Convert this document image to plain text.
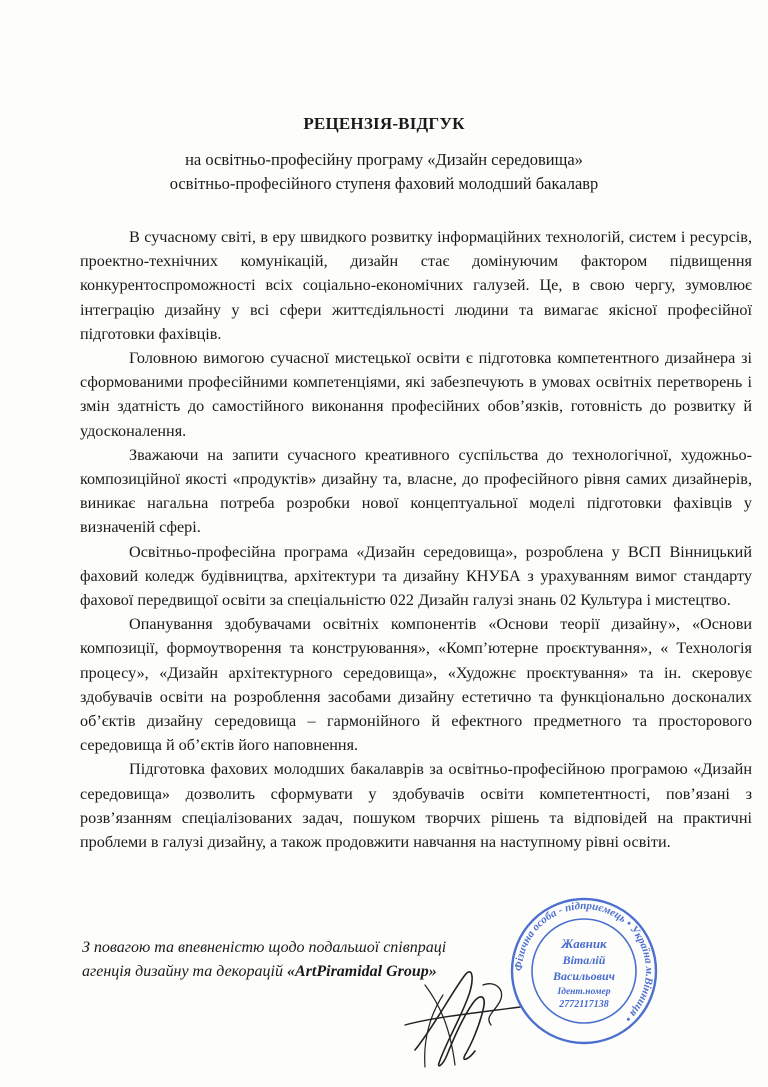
РЕЦЕНЗІЯ-ВІДГУК
на освітньо-професійну програму «Дизайн середовища»
освітньо-професійного ступеня фаховий молодший бакалавр

В сучасному світі, в еру швидкого розвитку інформаційних технологій, систем і ресурсів, проектно-технічних комунікацій, дизайн стає домінуючим фактором підвищення конкурентоспроможності всіх соціально-економічних галузей. Це, в свою чергу, зумовлює інтеграцію дизайну у всі сфери життєдіяльності людини та вимагає якісної професійної підготовки фахівців.

Головною вимогою сучасної мистецької освіти є підготовка компетентного дизайнера зі сформованими професійними компетенціями, які забезпечують в умовах освітніх перетворень і змін здатність до самостійного виконання професійних обов’язків, готовність до розвитку й удосконалення.

Зважаючи на запити сучасного креативного суспільства до технологічної, художньо-композиційної якості «продуктів» дизайну та, власне, до професійного рівня самих дизайнерів, виникає нагальна потреба розробки нової концептуальної моделі підготовки фахівців у визначеній сфері.

Освітньо-професійна програма «Дизайн середовища», розроблена у ВСП Вінницький фаховий коледж будівництва, архітектури та дизайну КНУБА з урахуванням вимог стандарту фахової передвищої освіти за спеціальністю 022 Дизайн галузі знань 02 Культура і мистецтво.

Опанування здобувачами освітніх компонентів «Основи теорії дизайну», «Основи композиції, формоутворення та конструювання», «Комп’ютерне проєктування», « Технологія процесу», «Дизайн архітектурного середовища», «Художнє проєктування» та ін. скеровує здобувачів освіти на розроблення засобами дизайну естетично та функціонально досконалих об’єктів дизайну середовища – гармонійного й ефектного предметного та просторового середовища й об’єктів його наповнення.

Підготовка фахових молодших бакалаврів за освітньо-професійною програмою «Дизайн середовища» дозволить сформувати у здобувачів освіти компетентності, пов’язані з розв’язанням спеціалізованих задач, пошуком творчих рішень та відповідей на практичні проблеми в галузі дизайну, а також продовжити навчання на наступному рівні освіти.

З повагою та впевненістю щодо подальшої співпраці
агенція дизайну та декорацій «ArtPiramidal Group»	Фізична особа - підприємець • Україна м.Вінниця •
Жавник
Віталій
Васильович
Ідент.номер
2772117138
